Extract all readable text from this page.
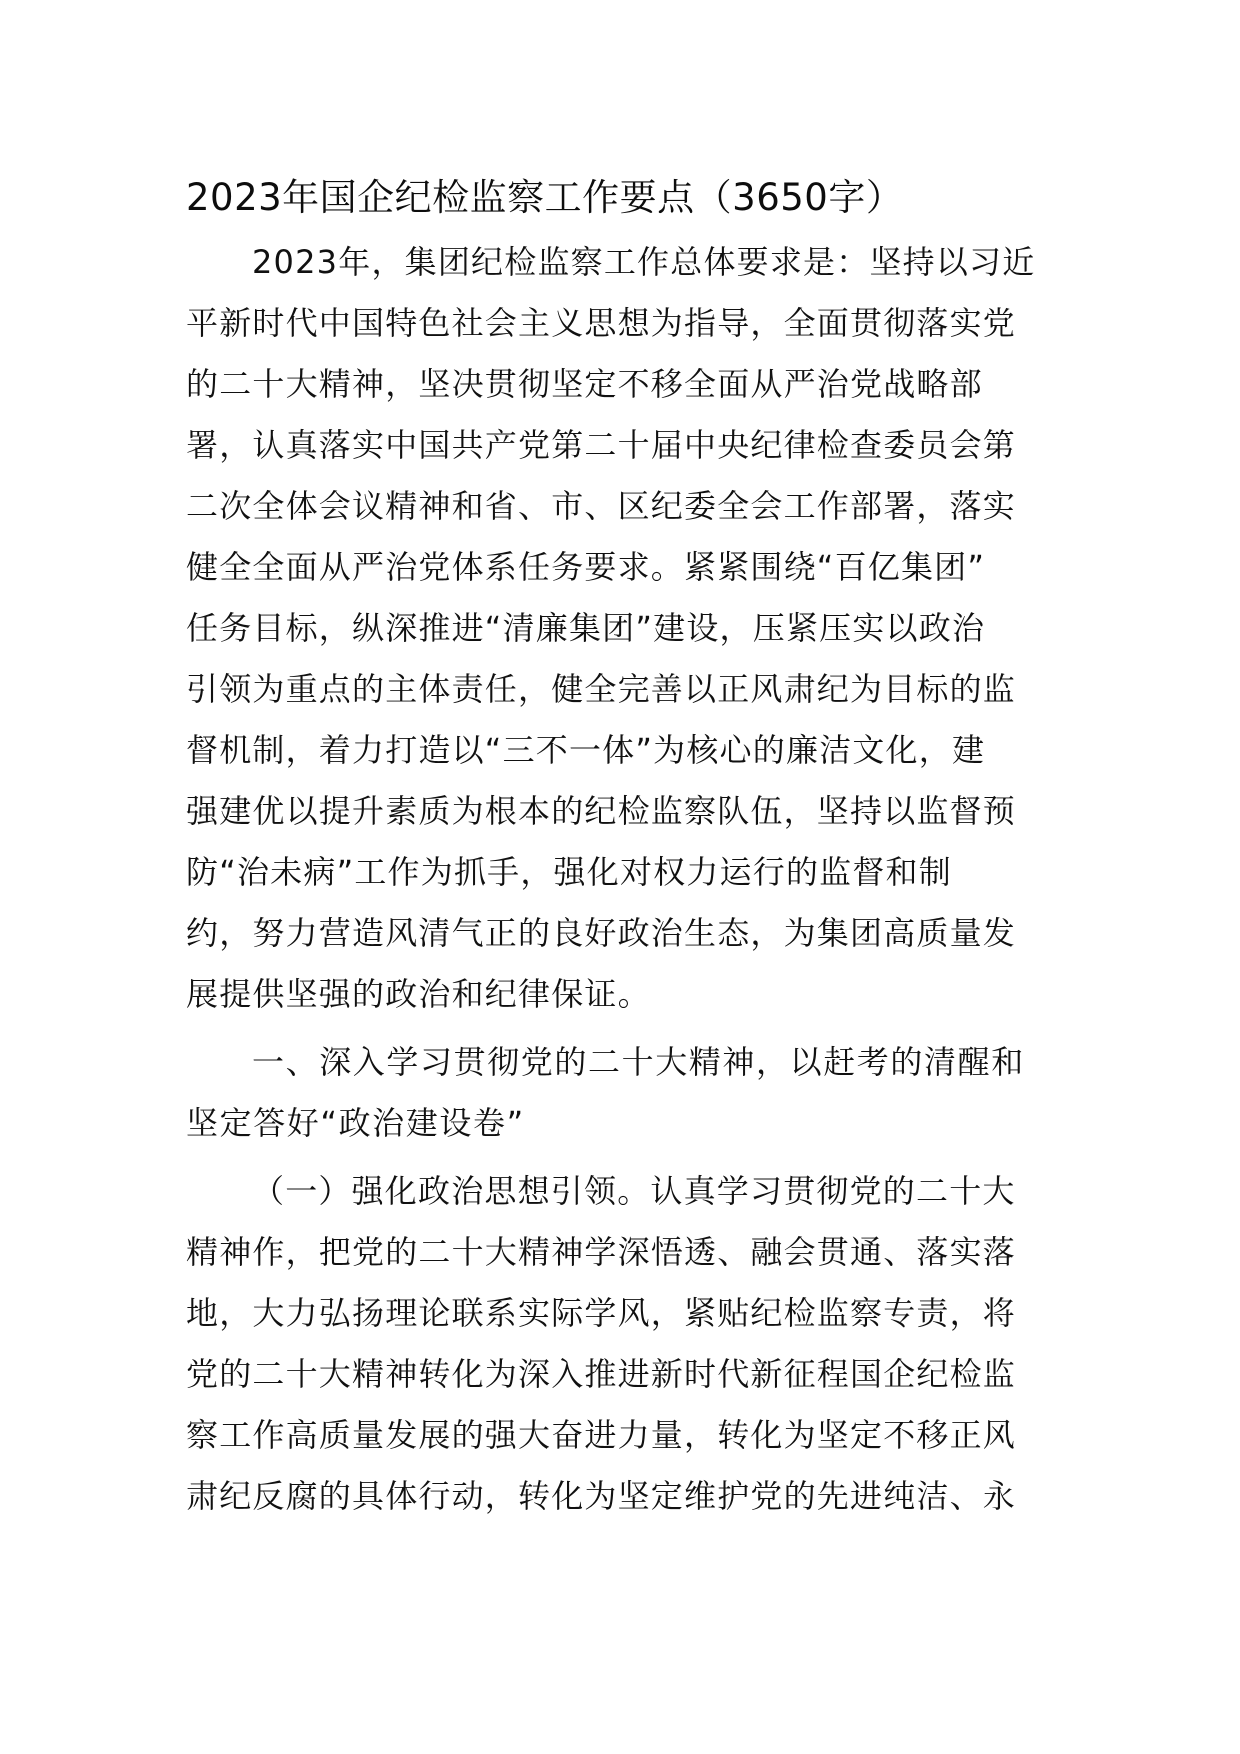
2023年国企纪检监察工作要点（3650字）
2023年，集团纪检监察工作总体要求是：坚持以习近
平新时代中国特色社会主义思想为指导，全面贯彻落实党
的二十大精神，坚决贯彻坚定不移全面从严治党战略部
署，认真落实中国共产党第二十届中央纪律检查委员会第
二次全体会议精神和省、市、区纪委全会工作部署，落实
健全全面从严治党体系任务要求。紧紧围绕“百亿集团”
任务目标，纵深推进“清廉集团”建设，压紧压实以政治
引领为重点的主体责任，健全完善以正风肃纪为目标的监
督机制，着力打造以“三不一体”为核心的廉洁文化，建
强建优以提升素质为根本的纪检监察队伍，坚持以监督预
防“治未病”工作为抓手，强化对权力运行的监督和制
约，努力营造风清气正的良好政治生态，为集团高质量发
展提供坚强的政治和纪律保证。
一、深入学习贯彻党的二十大精神，以赶考的清醒和
坚定答好“政治建设卷”
（一）强化政治思想引领。认真学习贯彻党的二十大
精神作，把党的二十大精神学深悟透、融会贯通、落实落
地，大力弘扬理论联系实际学风，紧贴纪检监察专责，将
党的二十大精神转化为深入推进新时代新征程国企纪检监
察工作高质量发展的强大奋进力量，转化为坚定不移正风
肃纪反腐的具体行动，转化为坚定维护党的先进纯洁、永
